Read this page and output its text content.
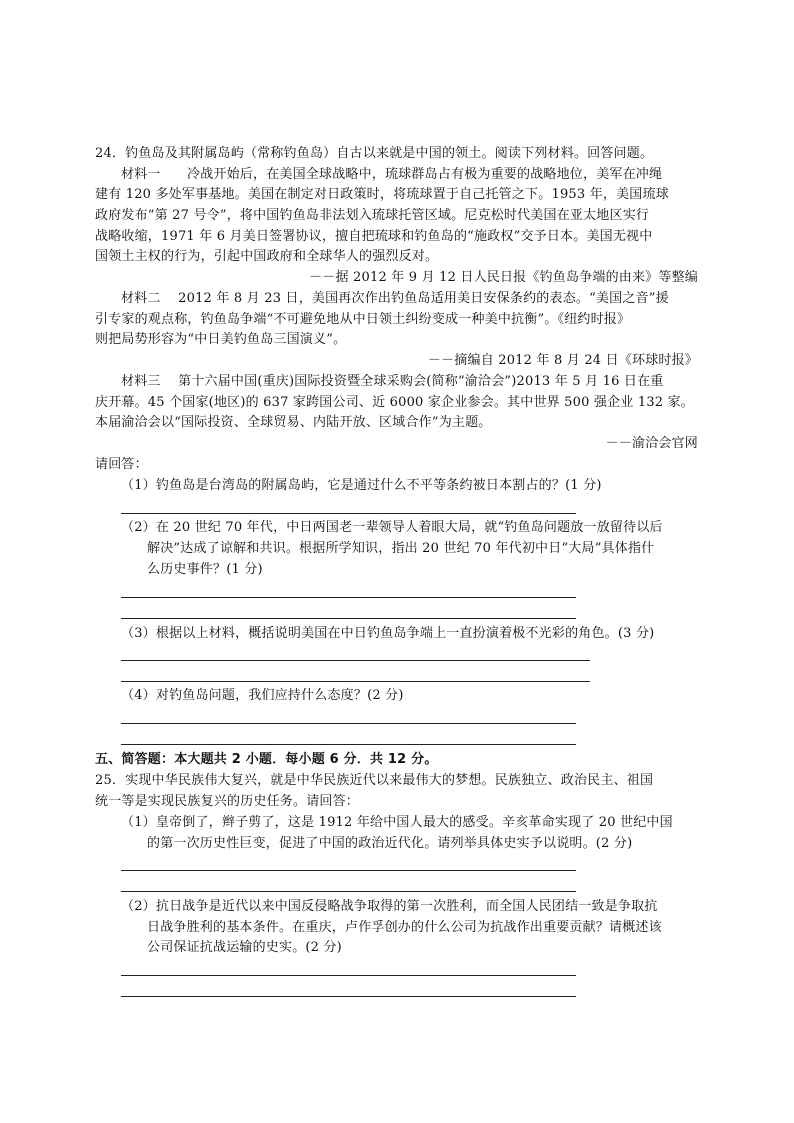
24．钓鱼岛及其附属岛屿（常称钓鱼岛）自古以来就是中国的领土。阅读下列材料。回答问题。
材料一　　冷战开始后，在美国全球战略中，琉球群岛占有极为重要的战略地位，美军在冲绳
建有 120 多处军事基地。美国在制定对日政策时，将琉球置于自己托管之下。1953 年，美国琉球
政府发布“第 27 号令”，将中国钓鱼岛非法划入琉球托管区域。尼克松时代美国在亚太地区实行
战略收缩，1971 年 6 月美日签署协议，擅自把琉球和钓鱼岛的“施政权”交予日本。美国无视中
国领土主权的行为，引起中国政府和全球华人的强烈反对。
－－据 2012 年 9 月 12 日人民日报《钓鱼岛争端的由来》等整编
材料二　 2012 年 8 月 23 日，美国再次作出钓鱼岛适用美日安保条约的表态。“美国之音”援
引专家的观点称，钓鱼岛争端“不可避免地从中日领土纠纷变成一种美中抗衡”。《纽约时报》
则把局势形容为“中日美钓鱼岛三国演义”。
－－摘编自 2012 年 8 月 24 日《环球时报》
材料三　 第十六届中国(重庆)国际投资暨全球采购会(简称“渝洽会”)2013 年 5 月 16 日在重
庆开幕。45 个国家(地区)的 637 家跨国公司、近 6000 家企业参会。其中世界 500 强企业 132 家。
本届渝洽会以“国际投资、全球贸易、内陆开放、区域合作”为主题。
－－渝洽会官网
请回答：
（1）钓鱼岛是台湾岛的附属岛屿，它是通过什么不平等条约被日本割占的？(1 分)
（2）在 20 世纪 70 年代，中日两国老一辈领导人着眼大局，就“钓鱼岛问题放一放留待以后
解决”达成了谅解和共识。根据所学知识，指出 20 世纪 70 年代初中日“大局”具体指什
么历史事件？(1 分)
（3）根据以上材料，概括说明美国在中日钓鱼岛争端上一直扮演着极不光彩的角色。(3 分)
（4）对钓鱼岛问题，我们应持什么态度？(2 分)
五、简答题：本大题共 2 小题．每小题 6 分．共 12 分。
25．实现中华民族伟大复兴，就是中华民族近代以来最伟大的梦想。民族独立、政治民主、祖国
统一等是实现民族复兴的历史任务。请回答：
（1）皇帝倒了，辫子剪了，这是 1912 年给中国人最大的感受。辛亥革命实现了 20 世纪中国
的第一次历史性巨变，促进了中国的政治近代化。请列举具体史实予以说明。(2 分)
（2）抗日战争是近代以来中国反侵略战争取得的第一次胜利，而全国人民团结一致是争取抗
日战争胜利的基本条件。在重庆，卢作孚创办的什么公司为抗战作出重要贡献？请概述该
公司保证抗战运输的史实。(2 分)
